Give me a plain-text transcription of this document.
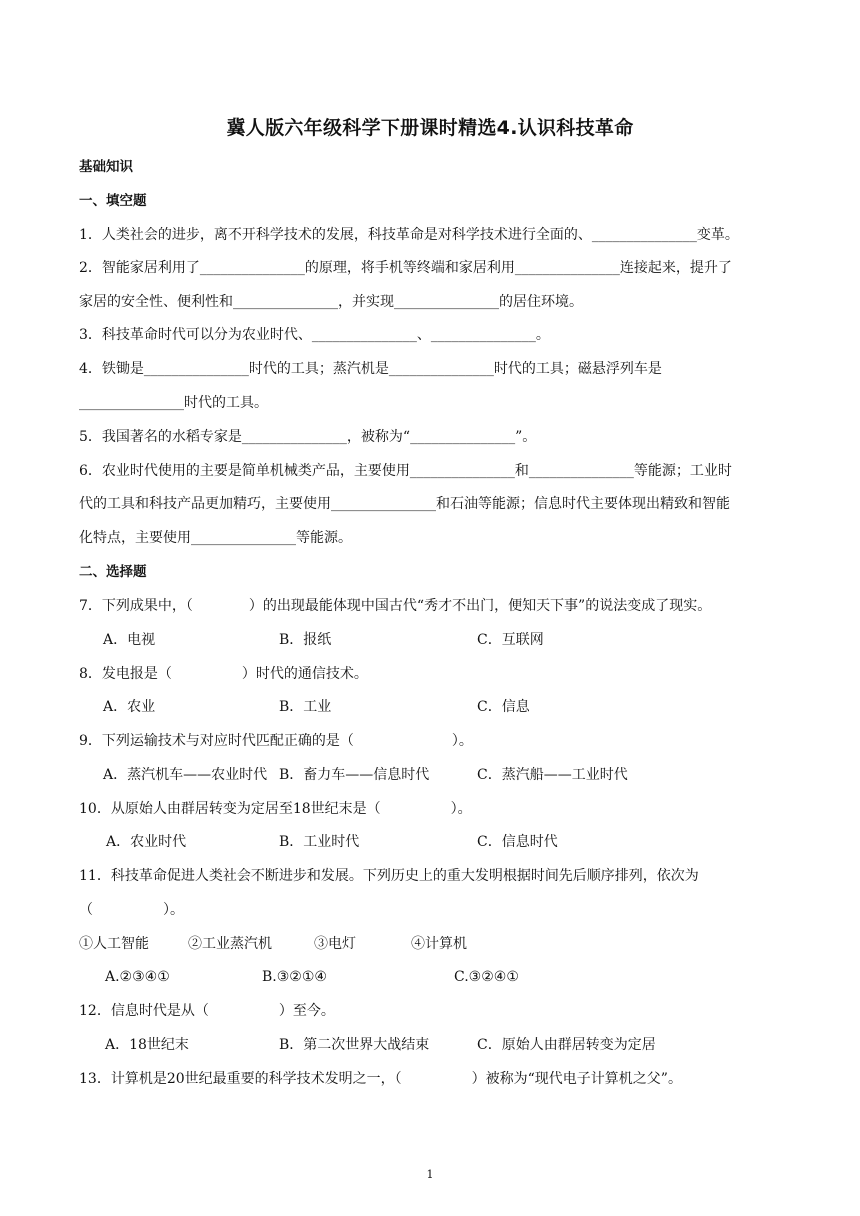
冀人版六年级科学下册课时精选4.认识科技革命
基础知识
一、填空题
1．人类社会的进步，离不开科学技术的发展，科技革命是对科学技术进行全面的、_______________变革。
2．智能家居利用了_______________的原理，将手机等终端和家居利用_______________连接起来，提升了
家居的安全性、便利性和_______________，并实现_______________的居住环境。
3．科技革命时代可以分为农业时代、_______________、_______________。
4．铁锄是_______________时代的工具；蒸汽机是_______________时代的工具；磁悬浮列车是
_______________时代的工具。
5．我国著名的水稻专家是_______________，被称为“_______________”。
6．农业时代使用的主要是简单机械类产品，主要使用_______________和_______________等能源；工业时
代的工具和科技产品更加精巧，主要使用_______________和石油等能源；信息时代主要体现出精致和智能
化特点，主要使用_______________等能源。
二、选择题
7．下列成果中，（　　　　）的出现最能体现中国古代“秀才不出门，便知天下事”的说法变成了现实。
A．电视	B．报纸	C．互联网
8．发电报是（　　　　　）时代的通信技术。
A．农业	B．工业	C．信息
9．下列运输技术与对应时代匹配正确的是（　　　　　　　）。
A．蒸汽机车——农业时代 B．畜力车——信息时代	C．蒸汽船——工业时代
10．从原始人由群居转变为定居至18世纪末是（　　　　　）。
A．农业时代	B．工业时代	C．信息时代
11．科技革命促进人类社会不断进步和发展。下列历史上的重大发明根据时间先后顺序排列，依次为
（　　　　　）。
①人工智能	②工业蒸汽机	③电灯	④计算机
A.②③④①	B.③②①④	C.③②④①
12．信息时代是从（　　　　　）至今。
A．18世纪末	B．第二次世界大战结束	C．原始人由群居转变为定居
13．计算机是20世纪最重要的科学技术发明之一，（　　　　　）被称为“现代电子计算机之父”。
1
